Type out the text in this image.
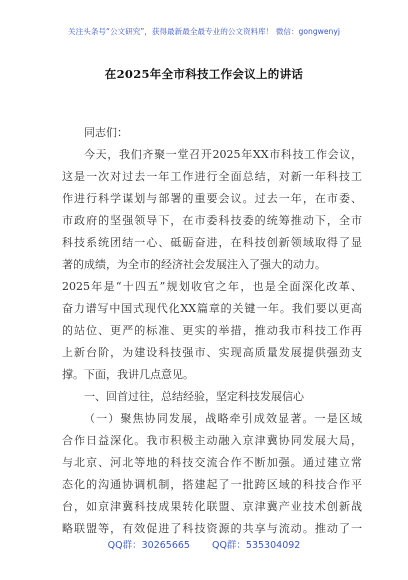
关注头条号“公文研究”，获得最新最全最专业的公文资料库！ 微信：gongwenyj
在2025年全市科技工作会议上的讲话
同志们：
今天，我们齐聚一堂召开2025年XX市科技工作会议，
这是一次对过去一年工作进行全面总结，对新一年科技工
作进行科学谋划与部署的重要会议。过去一年，在市委、
市政府的坚强领导下，在市委科技委的统筹推动下，全市
科技系统团结一心、砥砺奋进，在科技创新领域取得了显
著的成绩，为全市的经济社会发展注入了强大的动力。
2025年是“十四五”规划收官之年，也是全面深化改革、
奋力谱写中国式现代化XX篇章的关键一年。我们要以更高
的站位、更严的标准、更实的举措，推动我市科技工作再
上新台阶，为建设科技强市、实现高质量发展提供强劲支
撑。下面，我讲几点意见。
一、回首过往，总结经验，坚定科技发展信心
（一）聚焦协同发展，战略牵引成效显著。一是区域
合作日益深化。我市积极主动融入京津冀协同发展大局，
与北京、河北等地的科技交流合作不断加强。通过建立常
态化的沟通协调机制，搭建起了一批跨区域的科技合作平
台，如京津冀科技成果转化联盟、京津冀产业技术创新战
略联盟等，有效促进了科技资源的共享与流动。推动了一
QQ群：30265665 QQ群：535304092
